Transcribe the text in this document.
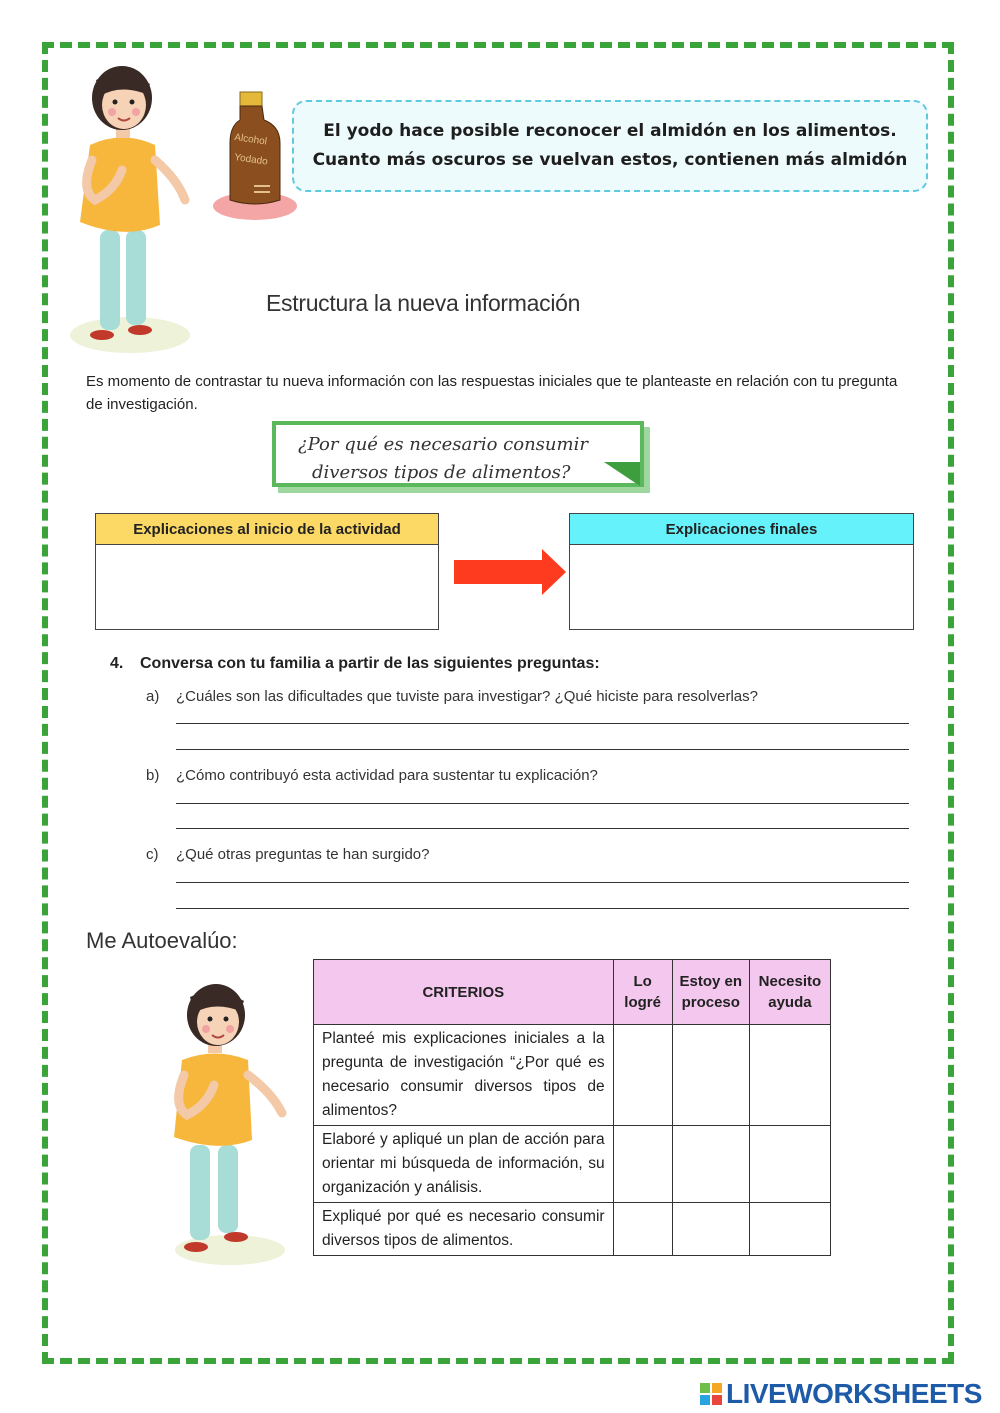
Alcohol
Yodado
El yodo hace posible reconocer el almidón en los alimentos.
Cuanto más oscuros se vuelvan estos, contienen más almidón
Estructura la nueva información
Es momento de contrastar tu nueva información con las respuestas iniciales que te planteaste en relación con tu pregunta de investigación.
¿Por qué es necesario consumir
diversos tipos de alimentos?
Explicaciones al inicio de la actividad	Explicaciones finales
4. Conversa con tu familia a partir de las siguientes preguntas:
a) ¿Cuáles son las dificultades que tuviste para investigar? ¿Qué hiciste para resolverlas?
b) ¿Cómo contribuyó esta actividad para sustentar tu explicación?
c) ¿Qué otras preguntas te han surgido?
Me Autoevalúo:
CRITERIOS	Lo logré	Estoy en proceso	Necesito ayuda
Planteé mis explicaciones iniciales a la pregunta de investigación “¿Por qué es necesario consumir diversos tipos de alimentos?			
Elaboré y apliqué un plan de acción para orientar mi búsqueda de información, su organización y análisis.			
Expliqué por qué es necesario consumir diversos tipos de alimentos.			
LIVEWORKSHEETS
